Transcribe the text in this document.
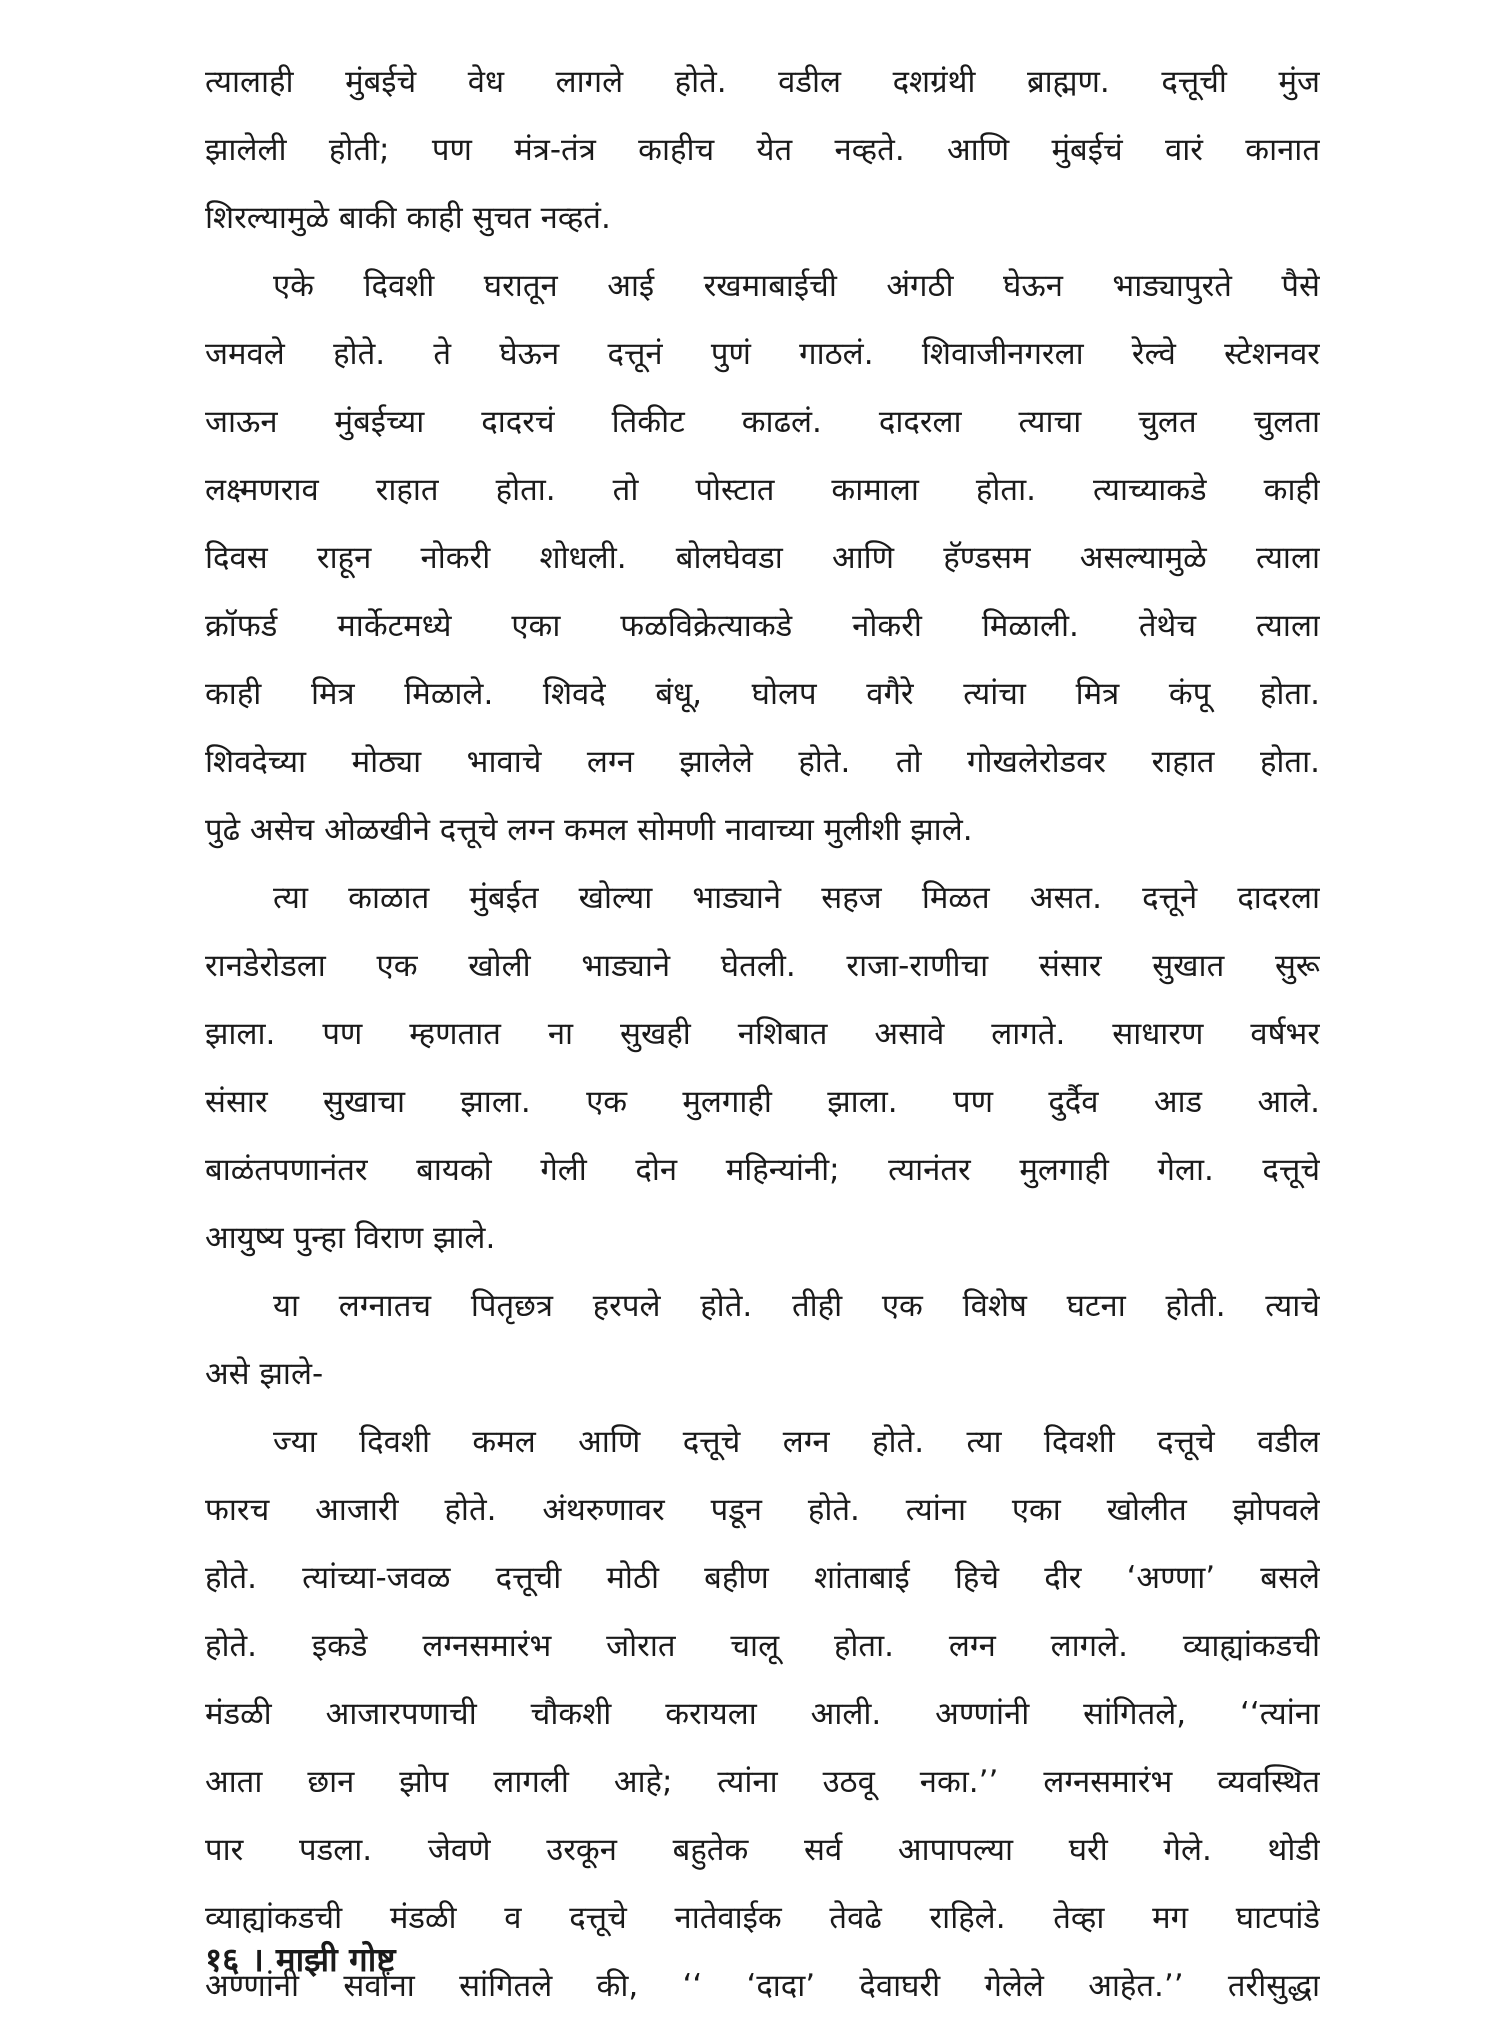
त्यालाही मुंबईचे वेध लागले होते. वडील दशग्रंथी ब्राह्मण. दत्तूची मुंज
झालेली होती; पण मंत्र-तंत्र काहीच येत नव्हते. आणि मुंबईचं वारं कानात
शिरल्यामुळे बाकी काही सुचत नव्हतं.
एके दिवशी घरातून आई रखमाबाईची अंगठी घेऊन भाड्यापुरते पैसे
जमवले होते. ते घेऊन दत्तूनं पुणं गाठलं. शिवाजीनगरला रेल्वे स्टेशनवर
जाऊन मुंबईच्या दादरचं तिकीट काढलं. दादरला त्याचा चुलत चुलता
लक्ष्मणराव राहात होता. तो पोस्टात कामाला होता. त्याच्याकडे काही
दिवस राहून नोकरी शोधली. बोलघेवडा आणि हॅण्डसम असल्यामुळे त्याला
क्रॉफर्ड मार्केटमध्ये एका फळविक्रेत्याकडे नोकरी मिळाली. तेथेच त्याला
काही मित्र मिळाले. शिवदे बंधू, घोलप वगैरे त्यांचा मित्र कंपू होता.
शिवदेच्या मोठ्या भावाचे लग्न झालेले होते. तो गोखलेरोडवर राहात होता.
पुढे असेच ओळखीने दत्तूचे लग्न कमल सोमणी नावाच्या मुलीशी झाले.
त्या काळात मुंबईत खोल्या भाड्याने सहज मिळत असत. दत्तूने दादरला
रानडेरोडला एक खोली भाड्याने घेतली. राजा-राणीचा संसार सुखात सुरू
झाला. पण म्हणतात ना सुखही नशिबात असावे लागते. साधारण वर्षभर
संसार सुखाचा झाला. एक मुलगाही झाला. पण दुर्दैव आड आले.
बाळंतपणानंतर बायको गेली दोन महिन्यांनी; त्यानंतर मुलगाही गेला. दत्तूचे
आयुष्य पुन्हा विराण झाले.
या लग्नातच पितृछत्र हरपले होते. तीही एक विशेष घटना होती. त्याचे
असे झाले-
ज्या दिवशी कमल आणि दत्तूचे लग्न होते. त्या दिवशी दत्तूचे वडील
फारच आजारी होते. अंथरुणावर पडून होते. त्यांना एका खोलीत झोपवले
होते. त्यांच्या-जवळ दत्तूची मोठी बहीण शांताबाई हिचे दीर ‘अण्णा’ बसले
होते. इकडे लग्नसमारंभ जोरात चालू होता. लग्न लागले. व्याह्यांकडची
मंडळी आजारपणाची चौकशी करायला आली. अण्णांनी सांगितले, ‘‘त्यांना
आता छान झोप लागली आहे; त्यांना उठवू नका.’’ लग्नसमारंभ व्यवस्थित
पार पडला. जेवणे उरकून बहुतेक सर्व आपापल्या घरी गेले. थोडी
व्याह्यांकडची मंडळी व दत्तूचे नातेवाईक तेवढे राहिले. तेव्हा मग घाटपांडे
अण्णांनी सर्वांना सांगितले की, ‘‘ ‘दादा’ देवाघरी गेलेले आहेत.’’ तरीसुद्धा
१६ । माझी गोष्ट
